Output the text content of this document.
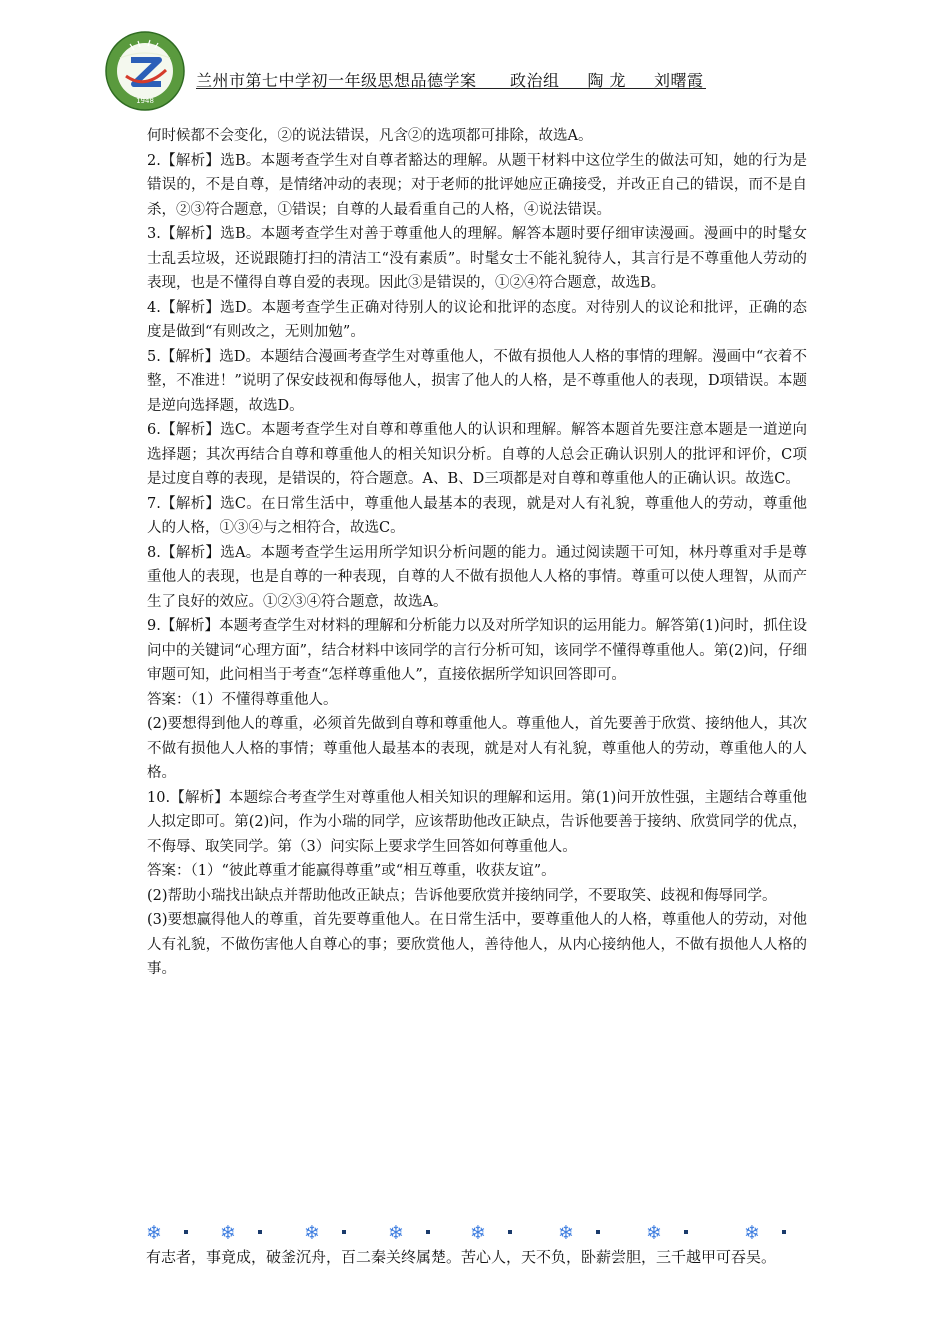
1948
兰州市第七中学初一年级思想品德学案      政治组     陶 龙     刘曙霞

何时候都不会变化，②的说法错误，凡含②的选项都可排除，故选A。

2.【解析】选B。本题考查学生对自尊者豁达的理解。从题干材料中这位学生的做法可知，她的行为是错误的，不是自尊，是情绪冲动的表现；对于老师的批评她应正确接受，并改正自己的错误，而不是自杀，②③符合题意，①错误；自尊的人最看重自己的人格，④说法错误。

3.【解析】选B。本题考查学生对善于尊重他人的理解。解答本题时要仔细审读漫画。漫画中的时髦女士乱丢垃圾，还说跟随打扫的清洁工“没有素质”。时髦女士不能礼貌待人，其言行是不尊重他人劳动的表现，也是不懂得自尊自爱的表现。因此③是错误的，①②④符合题意，故选B。

4.【解析】选D。本题考查学生正确对待别人的议论和批评的态度。对待别人的议论和批评，正确的态度是做到“有则改之，无则加勉”。

5.【解析】选D。本题结合漫画考查学生对尊重他人，不做有损他人人格的事情的理解。漫画中“衣着不整，不准进！”说明了保安歧视和侮辱他人，损害了他人的人格，是不尊重他人的表现，D项错误。本题是逆向选择题，故选D。

6.【解析】选C。本题考查学生对自尊和尊重他人的认识和理解。解答本题首先要注意本题是一道逆向选择题；其次再结合自尊和尊重他人的相关知识分析。自尊的人总会正确认识别人的批评和评价，C项是过度自尊的表现，是错误的，符合题意。A、B、D三项都是对自尊和尊重他人的正确认识。故选C。

7.【解析】选C。在日常生活中，尊重他人最基本的表现，就是对人有礼貌，尊重他人的劳动，尊重他人的人格，①③④与之相符合，故选C。

8.【解析】选A。本题考查学生运用所学知识分析问题的能力。通过阅读题干可知，林丹尊重对手是尊重他人的表现，也是自尊的一种表现，自尊的人不做有损他人人格的事情。尊重可以使人理智，从而产生了良好的效应。①②③④符合题意，故选A。

9.【解析】本题考查学生对材料的理解和分析能力以及对所学知识的运用能力。解答第(1)问时，抓住设问中的关键词“心理方面”，结合材料中该同学的言行分析可知，该同学不懂得尊重他人。第(2)问，仔细审题可知，此问相当于考查“怎样尊重他人”，直接依据所学知识回答即可。

答案：（1）不懂得尊重他人。

(2)要想得到他人的尊重，必须首先做到自尊和尊重他人。尊重他人，首先要善于欣赏、接纳他人，其次不做有损他人人格的事情；尊重他人最基本的表现，就是对人有礼貌，尊重他人的劳动，尊重他人的人格。

10.【解析】本题综合考查学生对尊重他人相关知识的理解和运用。第(1)问开放性强，主题结合尊重他人拟定即可。第(2)问，作为小瑞的同学，应该帮助他改正缺点，告诉他要善于接纳、欣赏同学的优点，不侮辱、取笑同学。第（3）问实际上要求学生回答如何尊重他人。

答案：（1）“彼此尊重才能赢得尊重”或“相互尊重，收获友谊”。

(2)帮助小瑞找出缺点并帮助他改正缺点；告诉他要欣赏并接纳同学，不要取笑、歧视和侮辱同学。

(3)要想赢得他人的尊重，首先要尊重他人。在日常生活中，要尊重他人的人格，尊重他人的劳动，对他人有礼貌，不做伤害他人自尊心的事；要欣赏他人，善待他人，从内心接纳他人，不做有损他人人格的事。

❄	❄	❄	❄	❄	❄	❄	❄
有志者，事竟成，破釜沉舟，百二秦关终属楚。苦心人，天不负，卧薪尝胆，三千越甲可吞吴。
